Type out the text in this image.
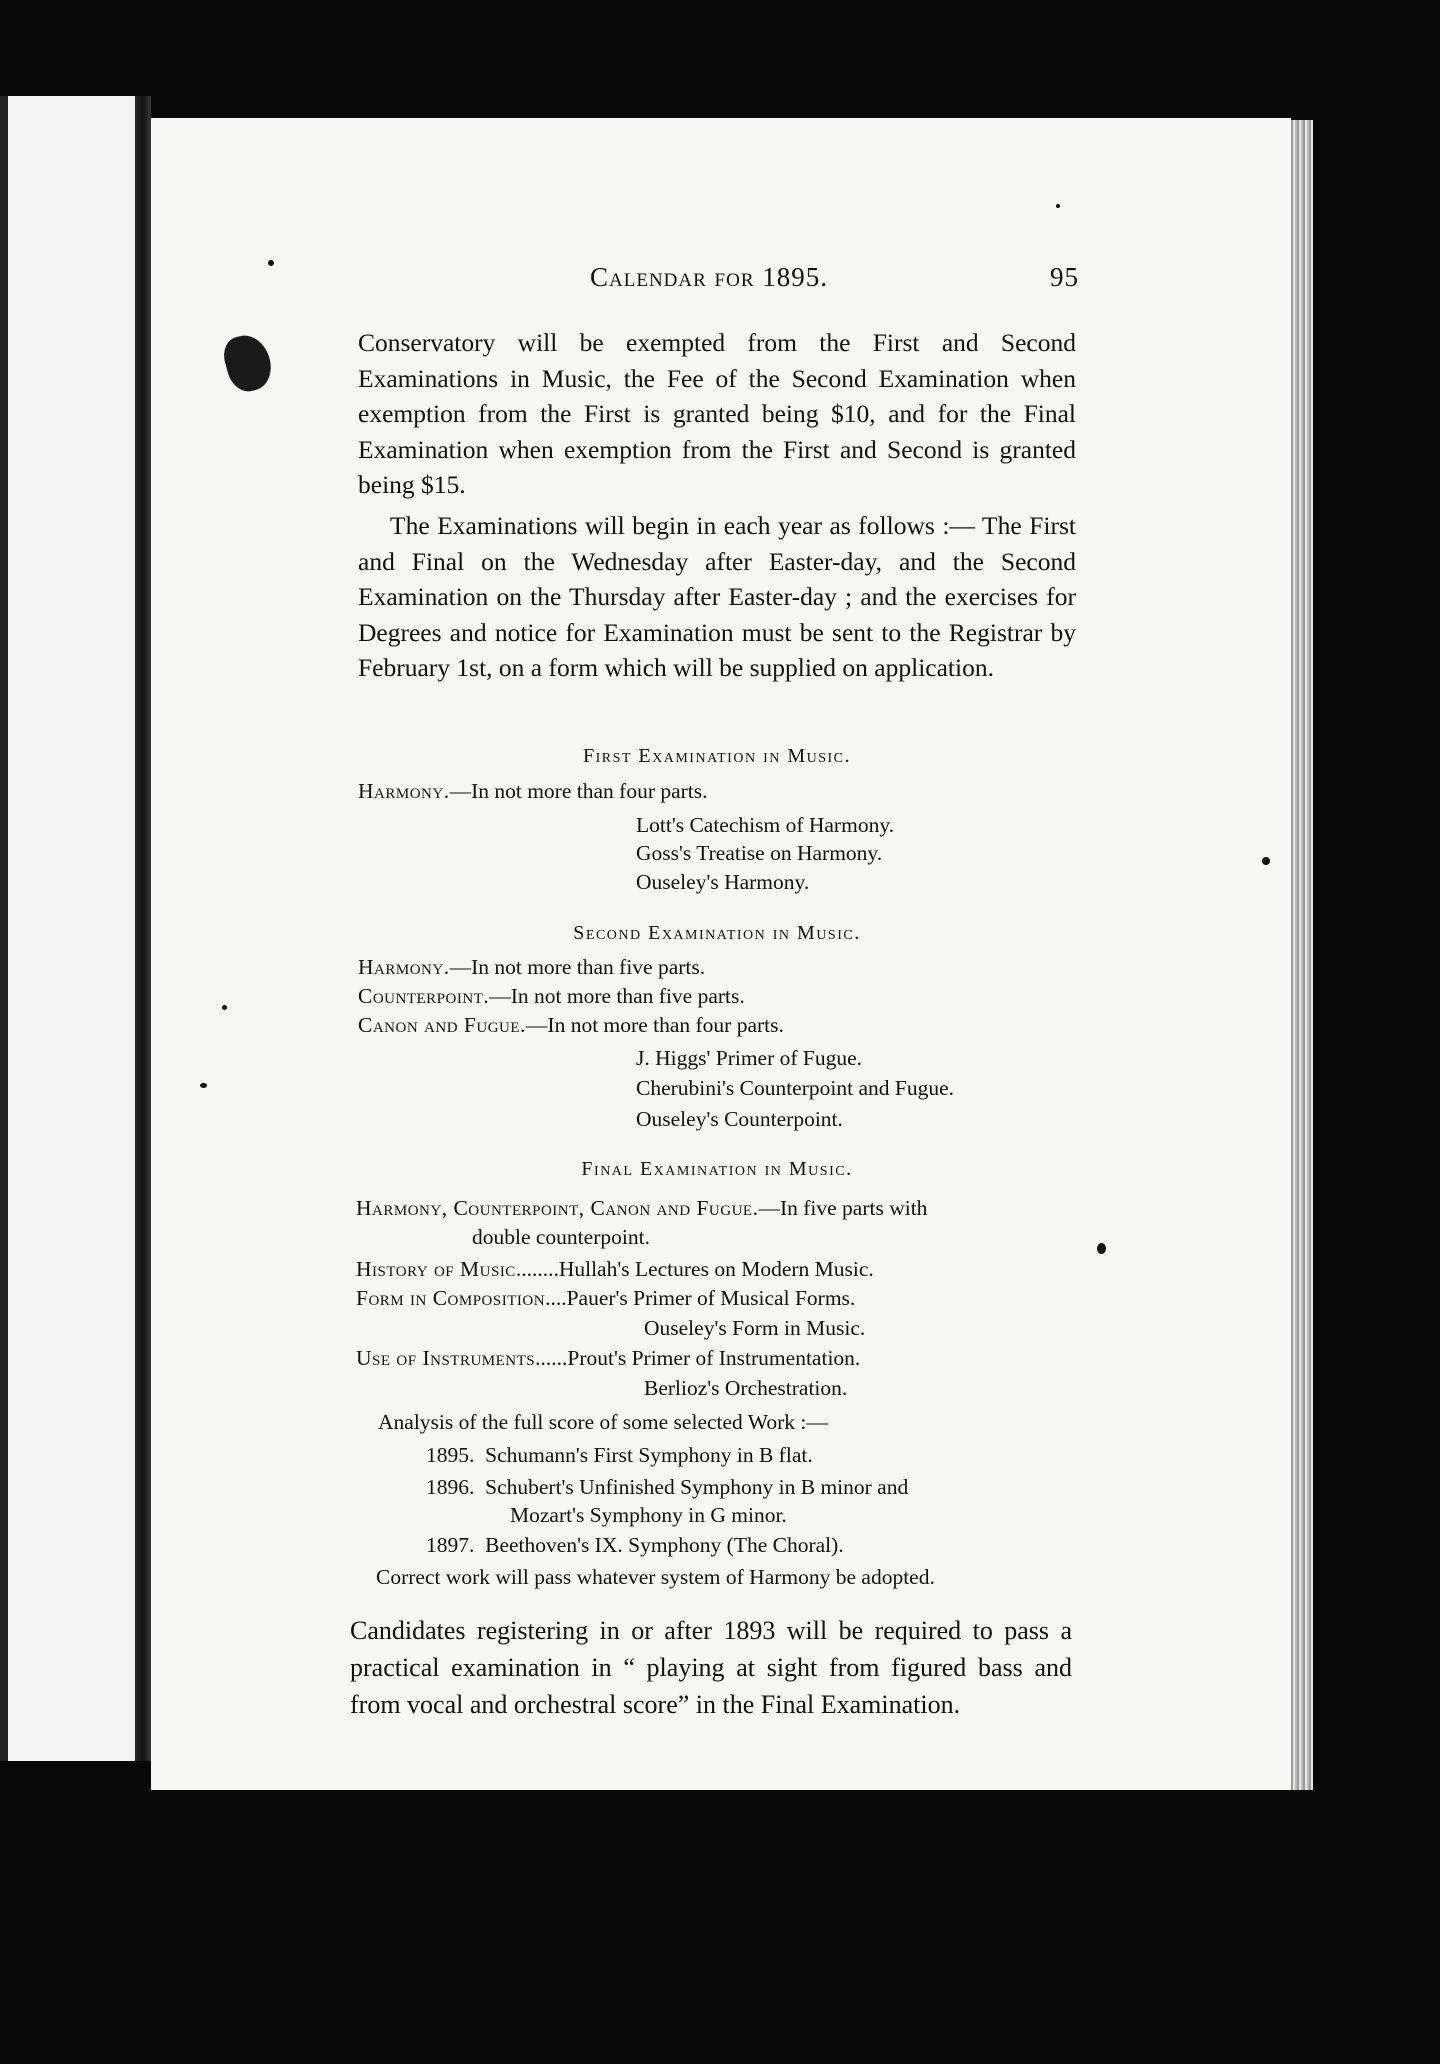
Calendar for 1895.	95
Conservatory will be exempted from the First and Second Examinations in Music, the Fee of the Second Examination when exemption from the First is granted being $10, and for the Final Examination when exemption from the First and Second is granted being $15.
The Examinations will begin in each year as follows :— The First and Final on the Wednesday after Easter-day, and the Second Examination on the Thursday after Easter-day ; and the exercises for Degrees and notice for Examination must be sent to the Registrar by February 1st, on a form which will be supplied on application.
First Examination in Music.
Harmony.—In not more than four parts.
Lott's Catechism of Harmony.
Goss's Treatise on Harmony.
Ouseley's Harmony.
Second Examination in Music.
Harmony.—In not more than five parts.
Counterpoint.—In not more than five parts.
Canon and Fugue.—In not more than four parts.
J. Higgs' Primer of Fugue.
Cherubini's Counterpoint and Fugue.
Ouseley's Counterpoint.
Final Examination in Music.
Harmony, Counterpoint, Canon and Fugue.—In five parts with
double counterpoint.
History of Music........Hullah's Lectures on Modern Music.
Form in Composition....Pauer's Primer of Musical Forms.
Ouseley's Form in Music.
Use of Instruments......Prout's Primer of Instrumentation.
Berlioz's Orchestration.
Analysis of the full score of some selected Work :—
1895. Schumann's First Symphony in B flat.
1896. Schubert's Unfinished Symphony in B minor and
Mozart's Symphony in G minor.
1897. Beethoven's IX. Symphony (The Choral).
Correct work will pass whatever system of Harmony be adopted.
Candidates registering in or after 1893 will be required to pass a practical examination in “ playing at sight from figured bass and from vocal and orchestral score” in the Final Examination.
